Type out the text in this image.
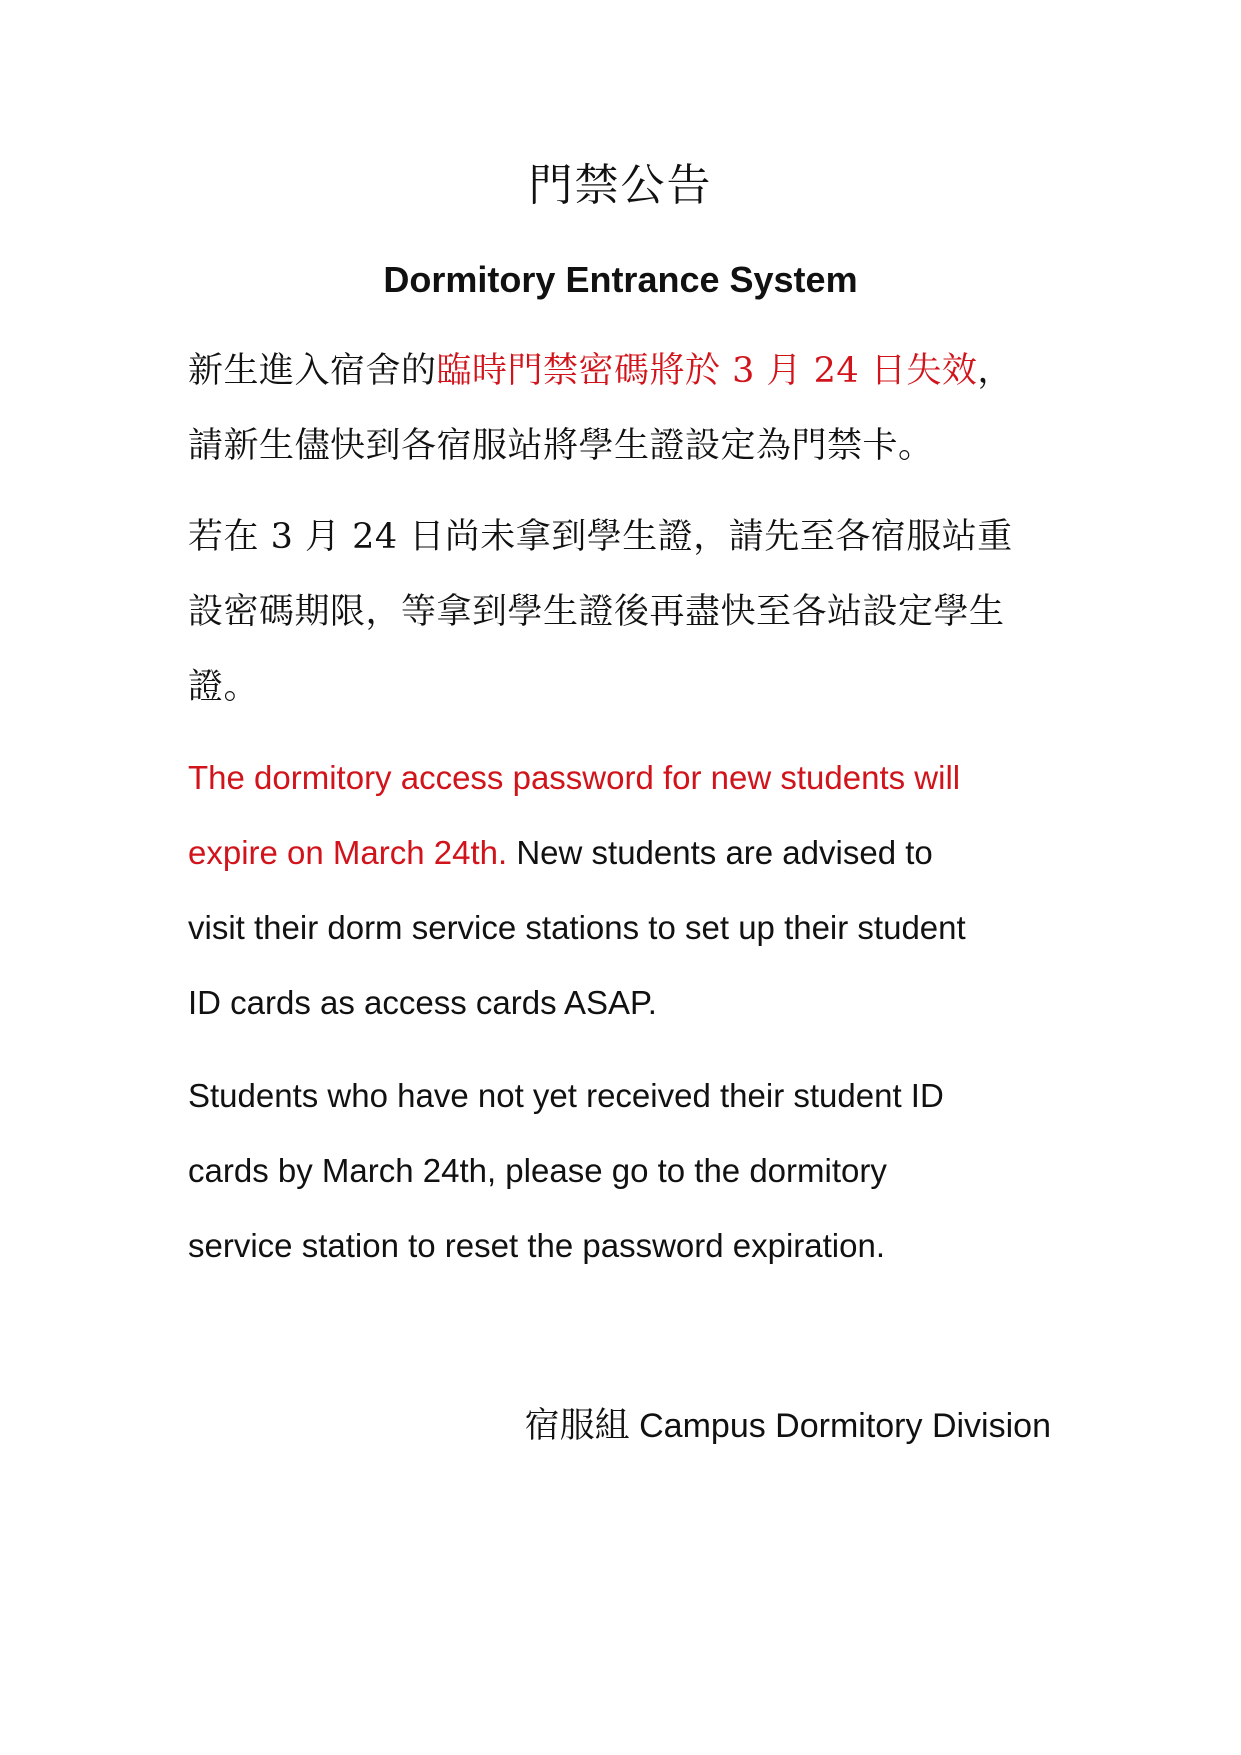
門禁公告
Dormitory Entrance System
新生進入宿舍的臨時門禁密碼將於 3 月 24 日失效，
請新生儘快到各宿服站將學生證設定為門禁卡。
若在 3 月 24 日尚未拿到學生證，請先至各宿服站重
設密碼期限，等拿到學生證後再盡快至各站設定學生
證。
The dormitory access password for new students will
expire on March 24th. New students are advised to
visit their dorm service stations to set up their student
ID cards as access cards ASAP.
Students who have not yet received their student ID
cards by March 24th, please go to the dormitory
service station to reset the password expiration.
宿服組 Campus Dormitory Division
